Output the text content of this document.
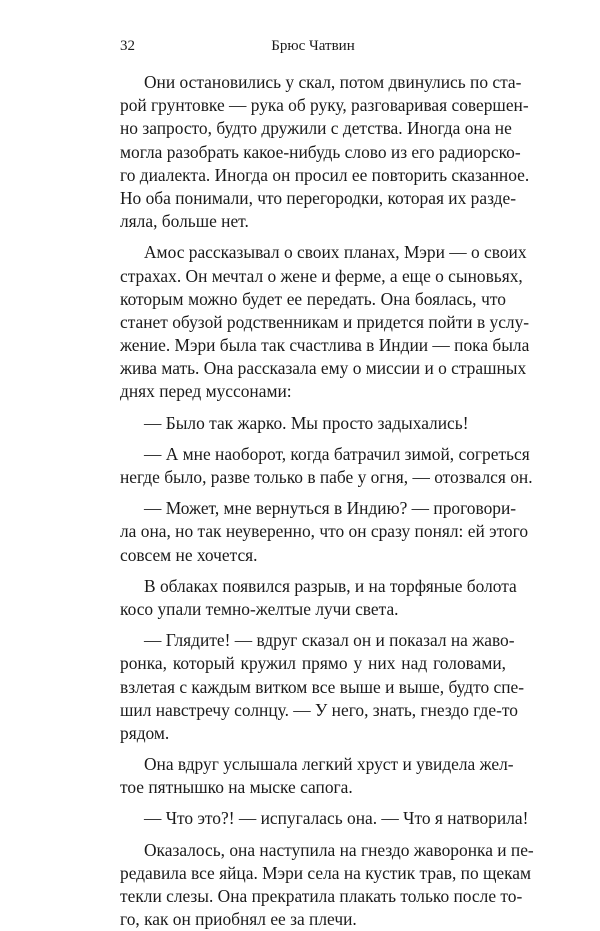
32	Брюс Чатвин
Они остановились у скал, потом двинулись по ста-
рой грунтовке — рука об руку, разговаривая совершен-
но запросто, будто дружили с детства. Иногда она не
могла разобрать какое-нибудь слово из его радиорско-
го диалекта. Иногда он просил ее повторить сказанное.
Но оба понимали, что перегородки, которая их разде-
ляла, больше нет.
Амос рассказывал о своих планах, Мэри — о своих
страхах. Он мечтал о жене и ферме, а еще о сыновьях,
которым можно будет ее передать. Она боялась, что
станет обузой родственникам и придется пойти в услу-
жение. Мэри была так счастлива в Индии — пока была
жива мать. Она рассказала ему о миссии и о страшных
днях перед муссонами:
— Было так жарко. Мы просто задыхались!
— А мне наоборот, когда батрачил зимой, согреться
негде было, разве только в пабе у огня, — отозвался он.
— Может, мне вернуться в Индию? — проговори-
ла она, но так неуверенно, что он сразу понял: ей этого
совсем не хочется.
В облаках появился разрыв, и на торфяные болота
косо упали темно-желтые лучи света.
— Глядите! — вдруг сказал он и показал на жаво-
ронка, который кружил прямо у них над головами,
взлетая с каждым витком все выше и выше, будто спе-
шил навстречу солнцу. — У него, знать, гнездо где-то
рядом.
Она вдруг услышала легкий хруст и увидела жел-
тое пятнышко на мыске сапога.
— Что это?! — испугалась она. — Что я натворила!
Оказалось, она наступила на гнездо жаворонка и пе-
редавила все яйца. Мэри села на кустик трав, по щекам
текли слезы. Она прекратила плакать только после то-
го, как он приобнял ее за плечи.
